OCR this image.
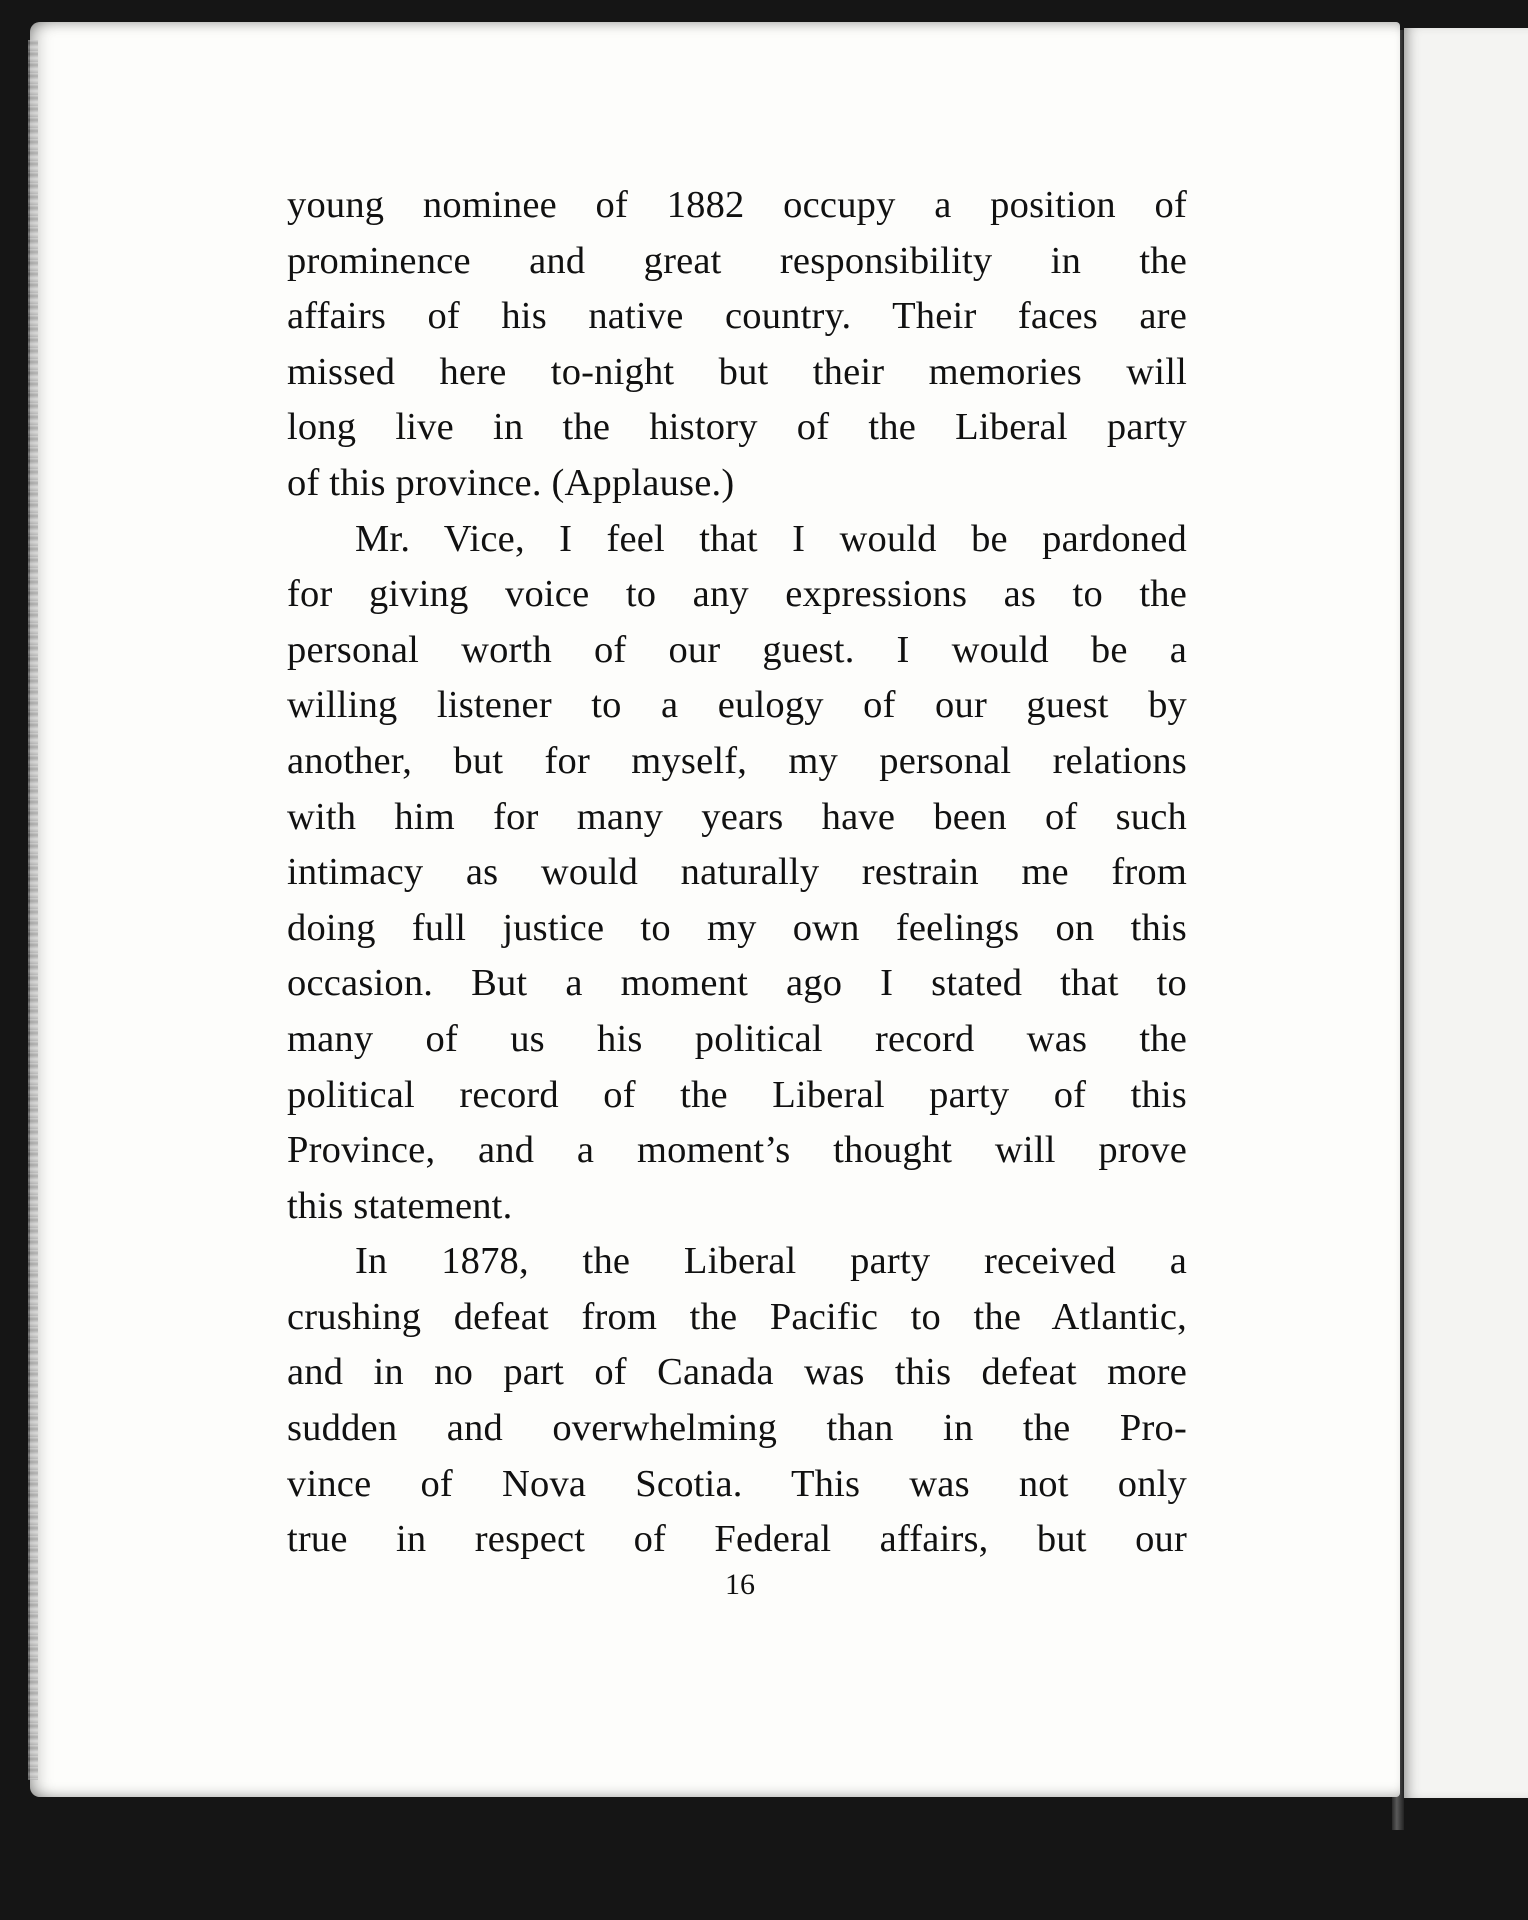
young nominee of 1882 occupy a position of
prominence and great responsibility in the
affairs of his native country. Their faces are
missed here to-night but their memories will
long live in the history of the Liberal party
of this province. (Applause.)
Mr. Vice, I feel that I would be pardoned
for giving voice to any expressions as to the
personal worth of our guest. I would be a
willing listener to a eulogy of our guest by
another, but for myself, my personal relations
with him for many years have been of such
intimacy as would naturally restrain me from
doing full justice to my own feelings on this
occasion. But a moment ago I stated that to
many of us his political record was the
political record of the Liberal party of this
Province, and a moment’s thought will prove
this statement.
In 1878, the Liberal party received a
crushing defeat from the Pacific to the Atlantic,
and in no part of Canada was this defeat more
sudden and overwhelming than in the Pro-
vince of Nova Scotia. This was not only
true in respect of Federal affairs, but our
16
